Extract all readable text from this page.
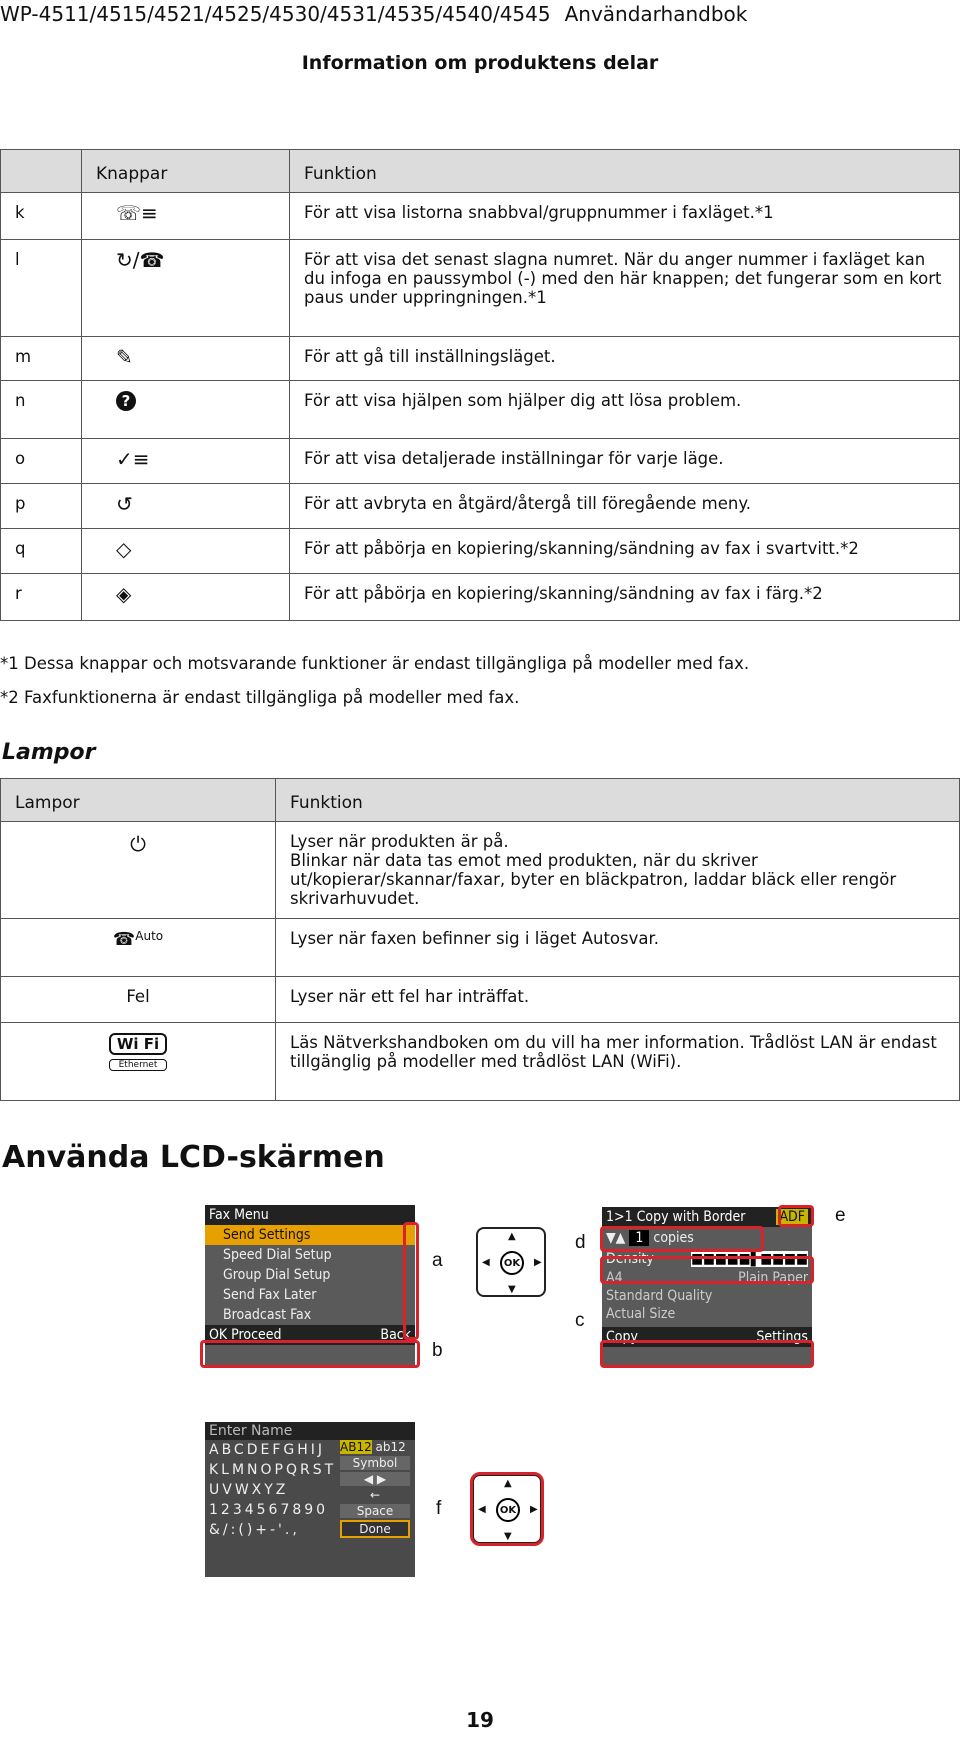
WP-4511/4515/4521/4525/4530/4531/4535/4540/4545 Användarhandbok
Information om produktens delar
	Knappar	Funktion
k	☏≡	För att visa listorna snabbval/gruppnummer i faxläget.*1
l	↻/☎	För att visa det senast slagna numret. När du anger nummer i faxläget kan du infoga en paussymbol (-) med den här knappen; det fungerar som en kort paus under uppringningen.*1
m	✎	För att gå till inställningsläget.
n	?	För att visa hjälpen som hjälper dig att lösa problem.
o	✓≡	För att visa detaljerade inställningar för varje läge.
p	↺	För att avbryta en åtgärd/återgå till föregående meny.
q	◇	För att påbörja en kopiering/skanning/sändning av fax i svartvitt.*2
r	◈	För att påbörja en kopiering/skanning/sändning av fax i färg.*2
*1 Dessa knappar och motsvarande funktioner är endast tillgängliga på modeller med fax.
*2 Faxfunktionerna är endast tillgängliga på modeller med fax.
Lampor
Lampor	Funktion
⏻	Lyser när produkten är på.
Blinkar när data tas emot med produkten, när du skriver ut/kopierar/skannar/faxar, byter en bläckpatron, laddar bläck eller rengör skrivarhuvudet.

☎$^{Auto}$	Lyser när faxen befinner sig i läget Autosvar.
Fel	Lyser när ett fel har inträffat.

Wi Fi
Ethernet	Läs Nätverkshandboken om du vill ha mer information. Trådlöst LAN är endast tillgänglig på modeller med trådlöst LAN (WiFi).
Använda LCD-skärmen
Fax Menu
Send Settings
Speed Dial Setup
Group Dial Setup
Send Fax Later
Broadcast Fax
OK Proceed	Back
▲
▼
◀	▶
OK
a
b
d
c
e
1>1 Copy with Border ADF
▼▲ 1 copies
Density	■■■■■▌■■■■
A4	Plain Paper
Standard Quality
Actual Size
Copy	Settings
Enter Name
ABCDEFGHIJ
KLMNOPQRST
UVWXYZ
1234567890
&/:()+-'.,
AB12 ab12
Symbol
◀ ▶
←
Space
Done
▲
▼
◀	▶
OK
f
19
